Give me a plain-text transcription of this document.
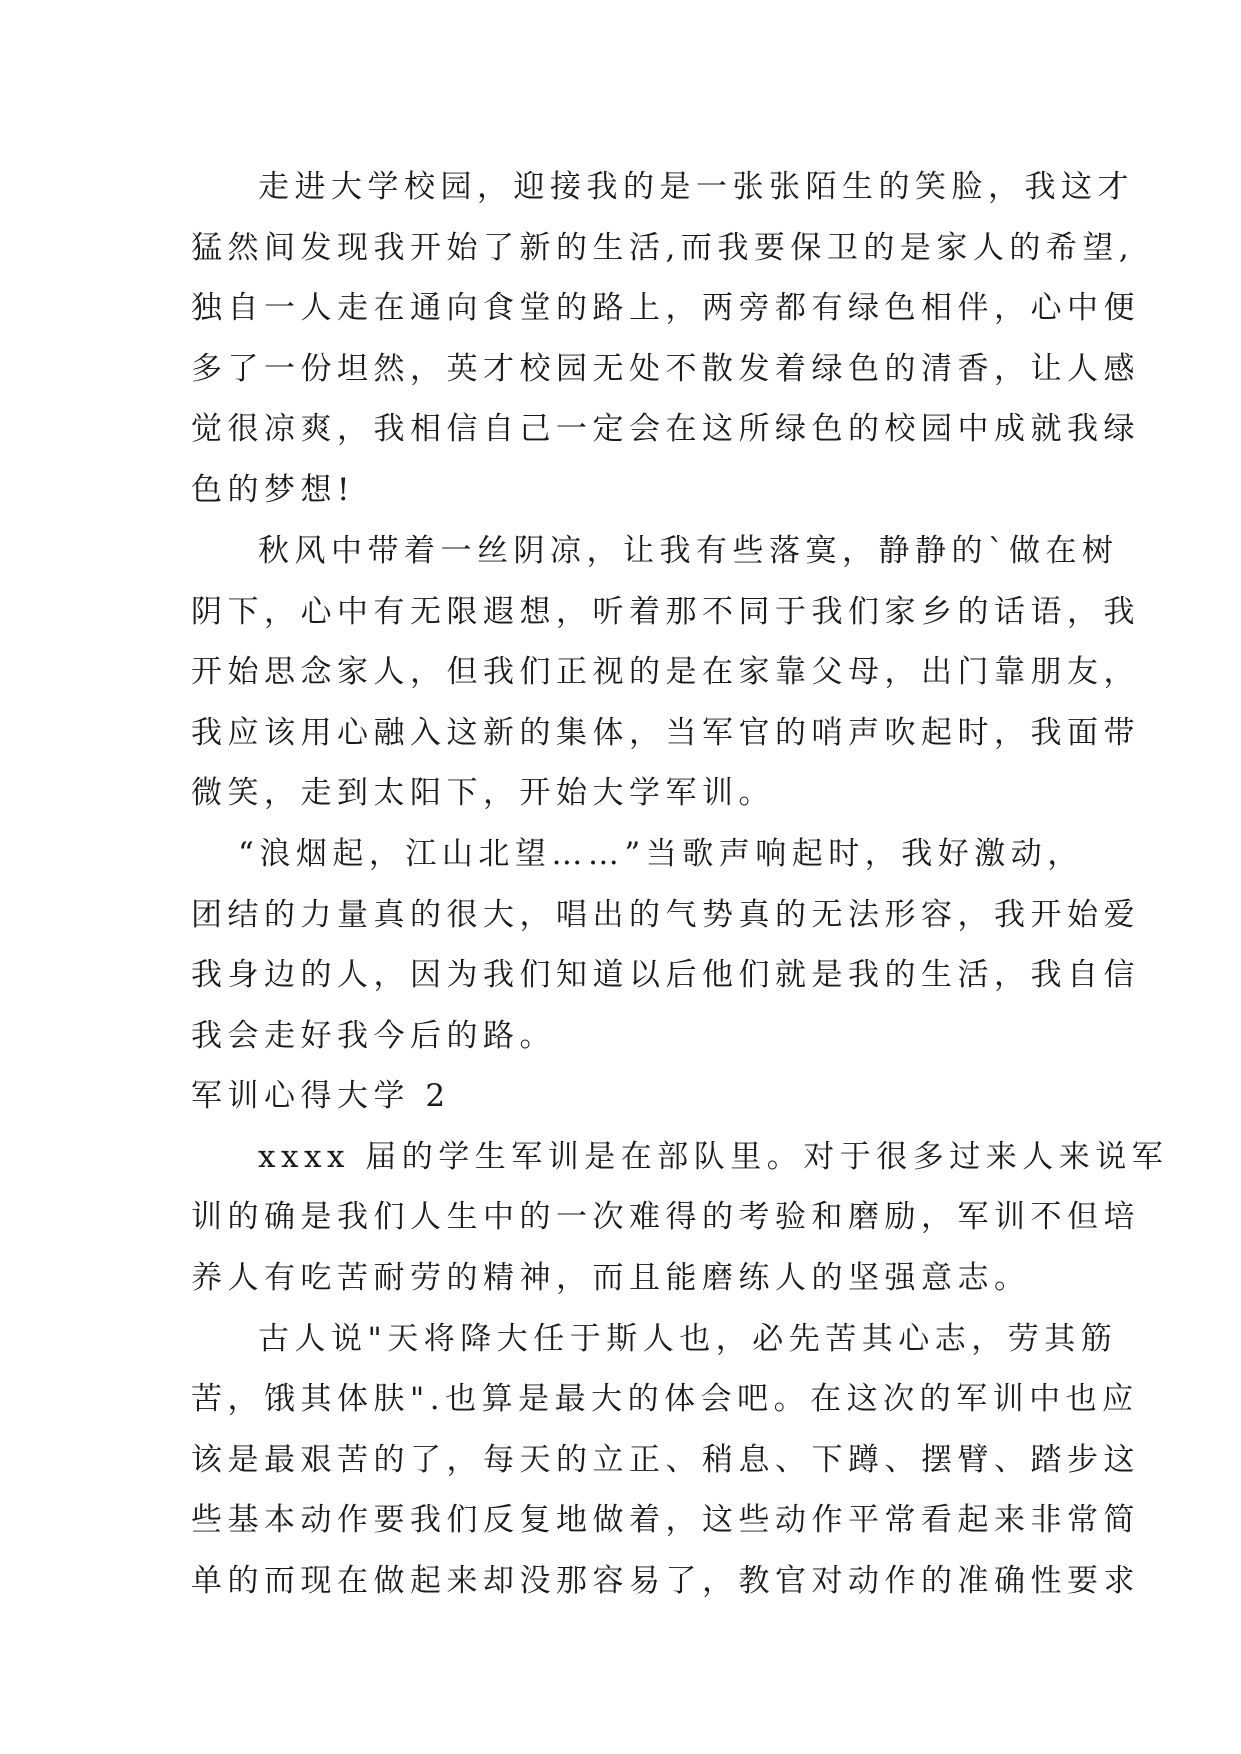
走进大学校园，迎接我的是一张张陌生的笑脸，我这才
猛然间发现我开始了新的生活,而我要保卫的是家人的希望,
独自一人走在通向食堂的路上，两旁都有绿色相伴，心中便
多了一份坦然，英才校园无处不散发着绿色的清香，让人感
觉很凉爽，我相信自己一定会在这所绿色的校园中成就我绿
色的梦想!
秋风中带着一丝阴凉，让我有些落寞，静静的`做在树
阴下，心中有无限遐想，听着那不同于我们家乡的话语，我
开始思念家人，但我们正视的是在家靠父母，出门靠朋友，
我应该用心融入这新的集体，当军官的哨声吹起时，我面带
微笑，走到太阳下，开始大学军训。
“浪烟起，江山北望……”当歌声响起时，我好激动，
团结的力量真的很大，唱出的气势真的无法形容，我开始爱
我身边的人，因为我们知道以后他们就是我的生活，我自信
我会走好我今后的路。
军训心得大学 2
xxxx 届的学生军训是在部队里。对于很多过来人来说军
训的确是我们人生中的一次难得的考验和磨励，军训不但培
养人有吃苦耐劳的精神，而且能磨练人的坚强意志。
古人说"天将降大任于斯人也，必先苦其心志，劳其筋
苦，饿其体肤".也算是最大的体会吧。在这次的军训中也应
该是最艰苦的了，每天的立正、稍息、下蹲、摆臂、踏步这
些基本动作要我们反复地做着，这些动作平常看起来非常简
单的而现在做起来却没那容易了，教官对动作的准确性要求
